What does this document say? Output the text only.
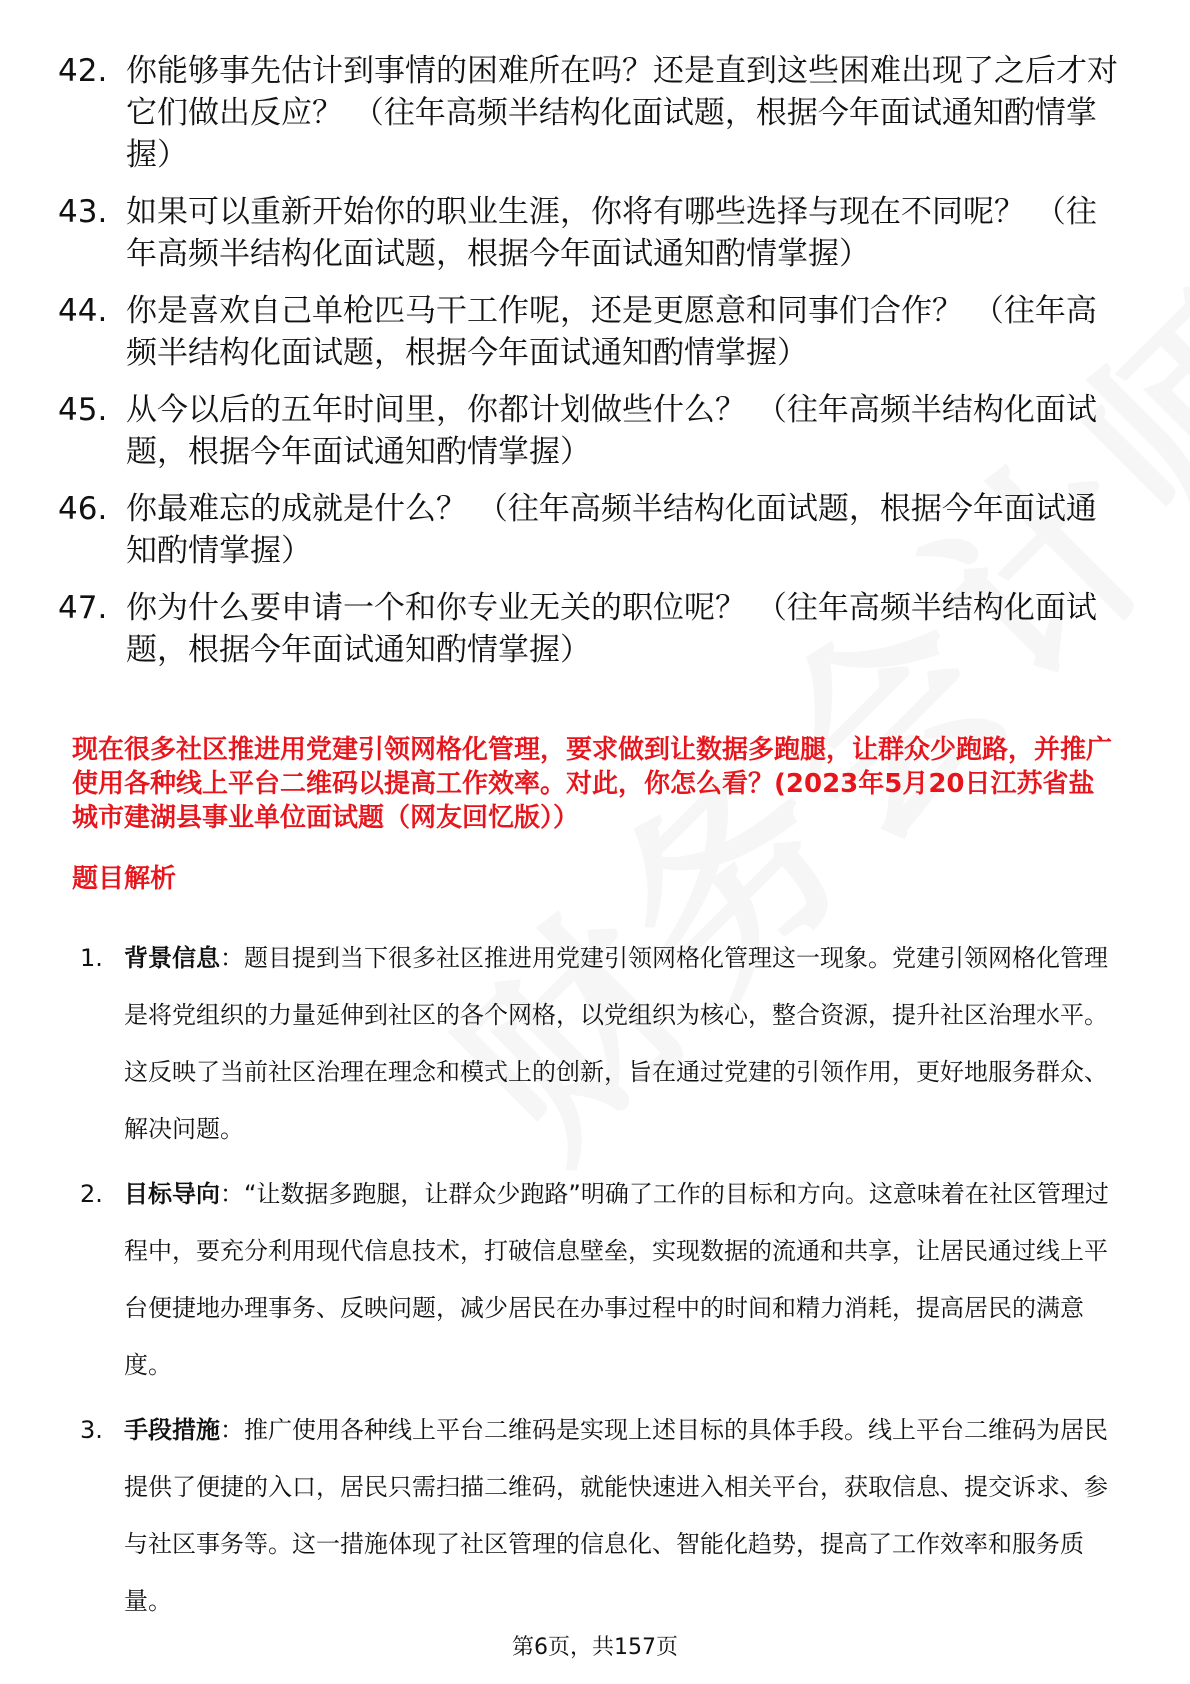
42. 你能够事先估计到事情的困难所在吗？还是直到这些困难出现了之后才对它们做出反应？ （往年高频半结构化面试题，根据今年面试通知酌情掌握）
43. 如果可以重新开始你的职业生涯，你将有哪些选择与现在不同呢？ （往年高频半结构化面试题，根据今年面试通知酌情掌握）
44. 你是喜欢自己单枪匹马干工作呢，还是更愿意和同事们合作？ （往年高频半结构化面试题，根据今年面试通知酌情掌握）
45. 从今以后的五年时间里，你都计划做些什么？ （往年高频半结构化面试题，根据今年面试通知酌情掌握）
46. 你最难忘的成就是什么？ （往年高频半结构化面试题，根据今年面试通知酌情掌握）
47. 你为什么要申请一个和你专业无关的职位呢？ （往年高频半结构化面试题，根据今年面试通知酌情掌握）
现在很多社区推进用党建引领网格化管理，要求做到让数据多跑腿，让群众少跑路，并推广使用各种线上平台二维码以提高工作效率。对此，你怎么看？(2023年5月20日江苏省盐城市建湖县事业单位面试题（网友回忆版））
题目解析
1. 背景信息：题目提到当下很多社区推进用党建引领网格化管理这一现象。党建引领网格化管理是将党组织的力量延伸到社区的各个网格，以党组织为核心，整合资源，提升社区治理水平。这反映了当前社区治理在理念和模式上的创新，旨在通过党建的引领作用，更好地服务群众、解决问题。
2. 目标导向：“让数据多跑腿，让群众少跑路”明确了工作的目标和方向。这意味着在社区管理过程中，要充分利用现代信息技术，打破信息壁垒，实现数据的流通和共享，让居民通过线上平台便捷地办理事务、反映问题，减少居民在办事过程中的时间和精力消耗，提高居民的满意度。
3. 手段措施：推广使用各种线上平台二维码是实现上述目标的具体手段。线上平台二维码为居民提供了便捷的入口，居民只需扫描二维码，就能快速进入相关平台，获取信息、提交诉求、参与社区事务等。这一措施体现了社区管理的信息化、智能化趋势，提高了工作效率和服务质量。
第6页，共157页
